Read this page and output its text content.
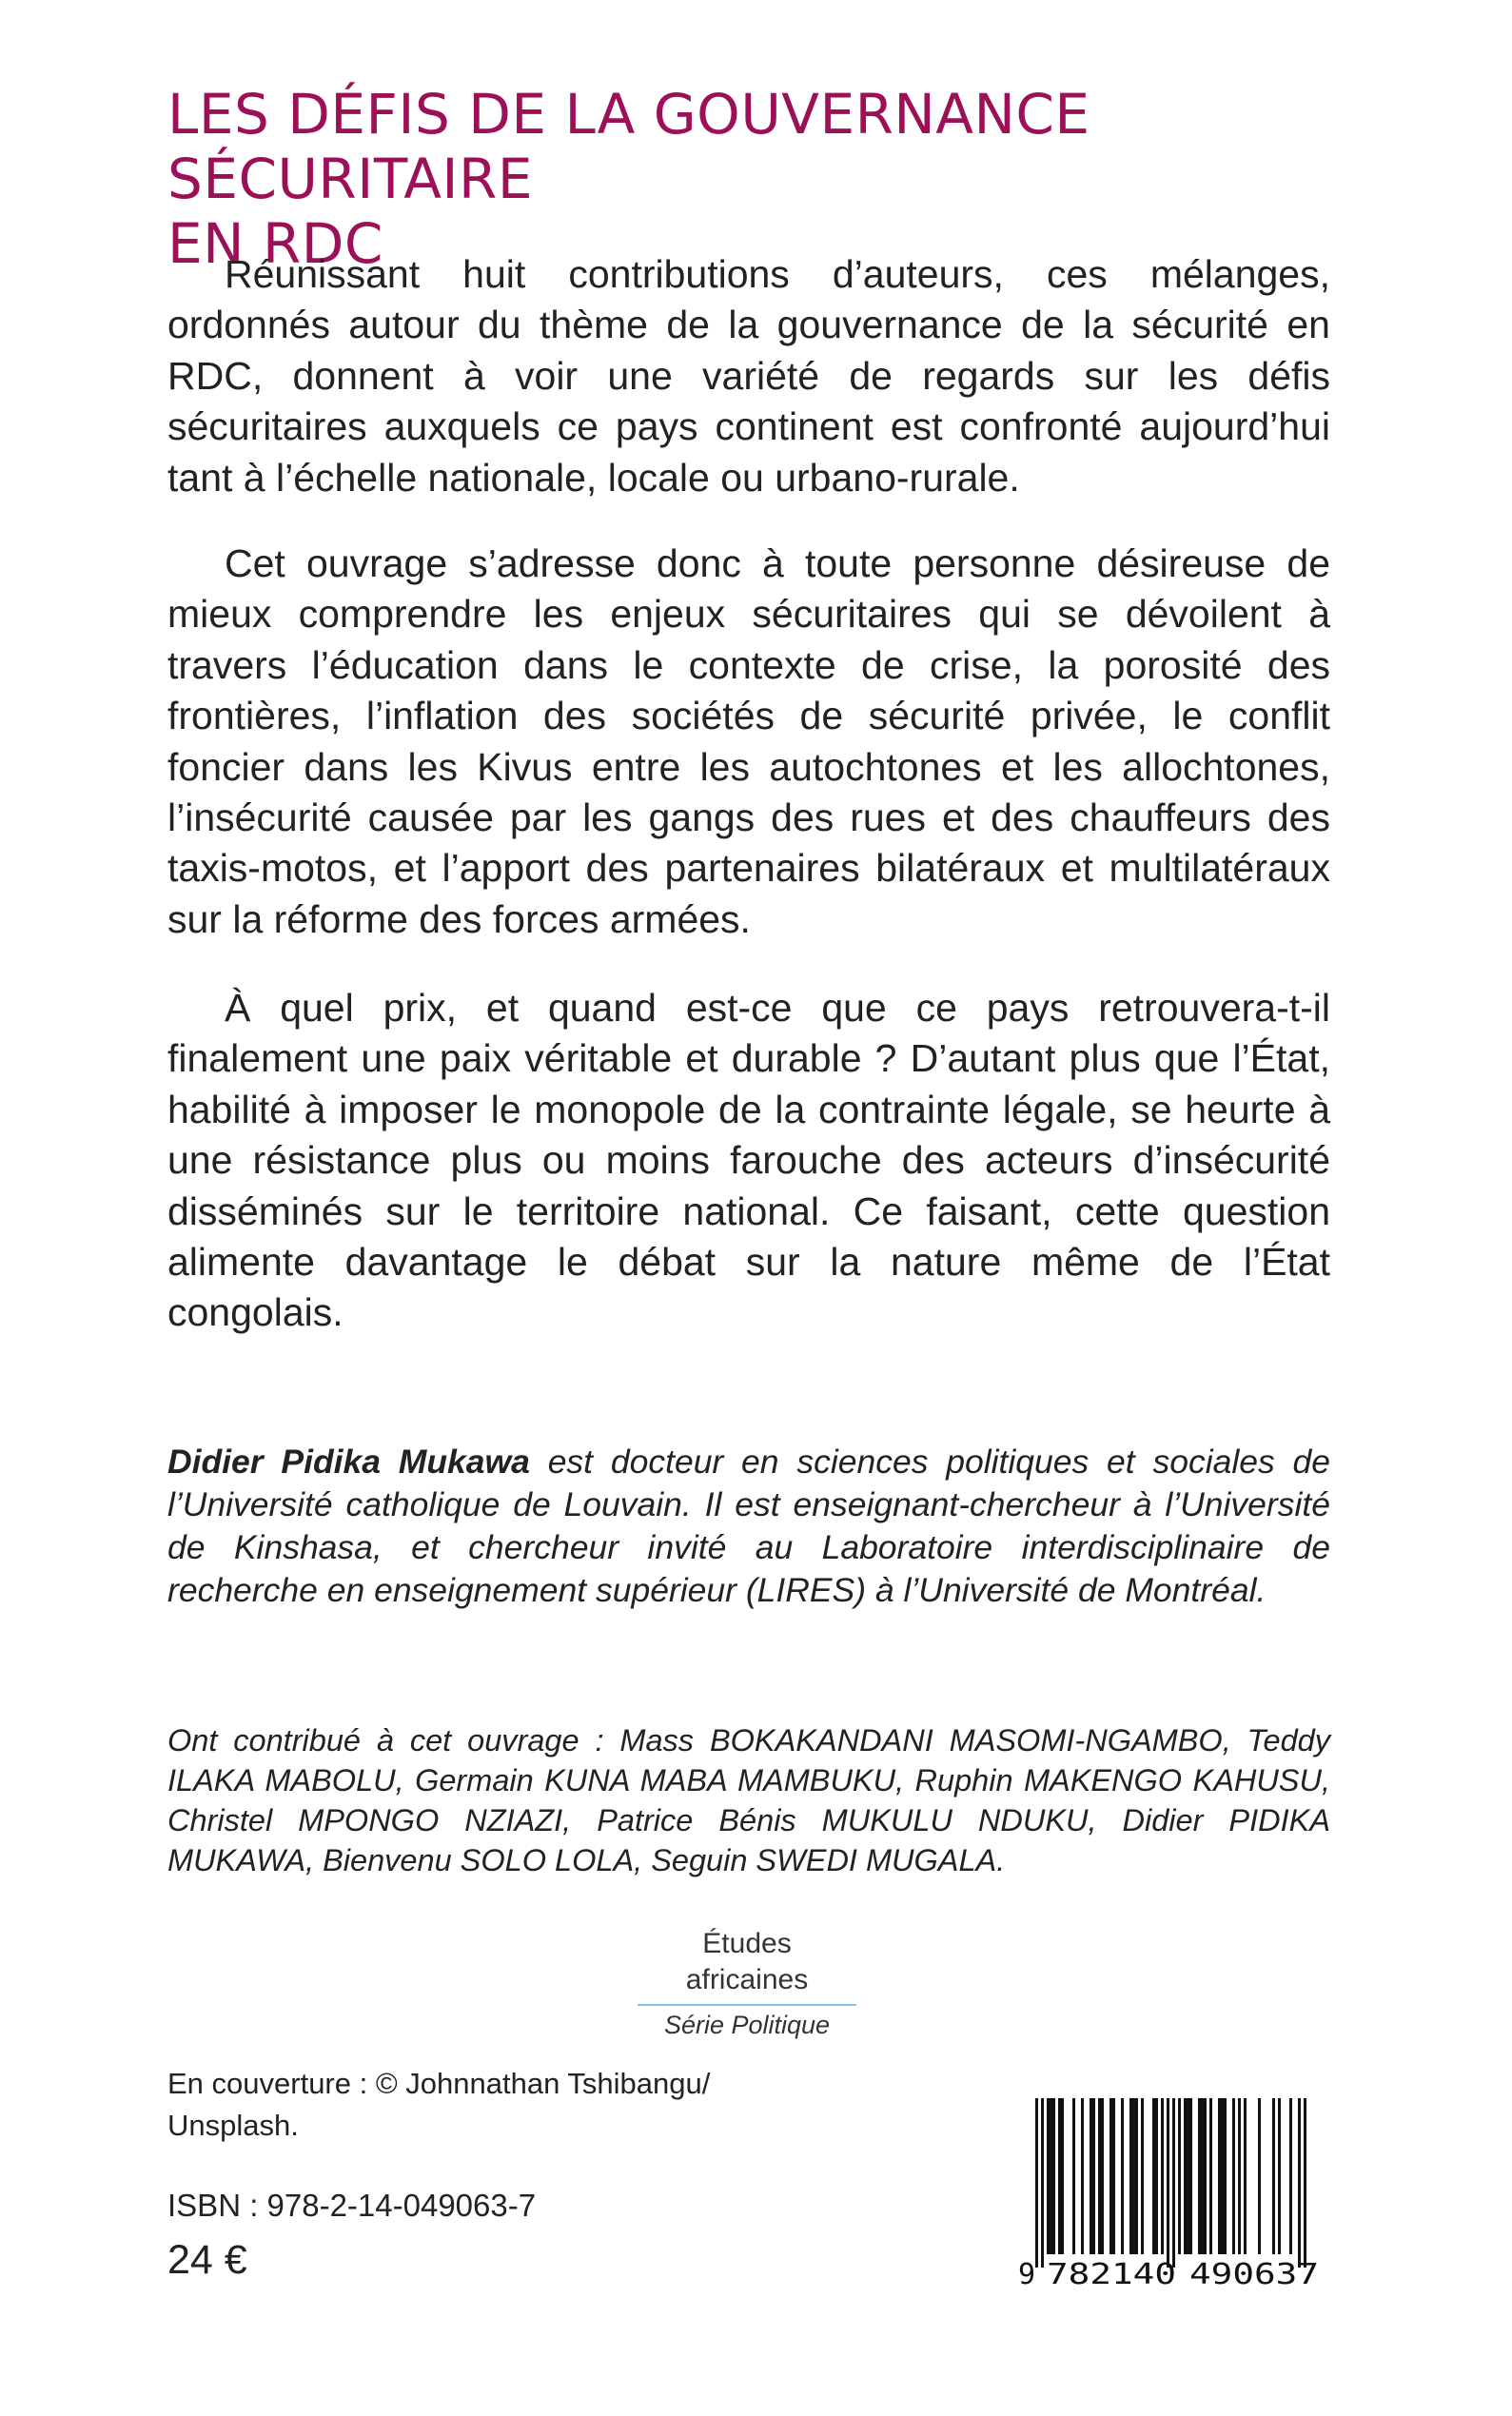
LES DÉFIS DE LA GOUVERNANCE SÉCURITAIRE
EN RDC

Réunissant huit contributions d’auteurs, ces mélanges, ordonnés autour du thème de la gouvernance de la sécurité en RDC, donnent à voir une variété de regards sur les défis sécuritaires auxquels ce pays continent est confronté aujourd’hui tant à l’échelle nationale, locale ou urbano-rurale.

Cet ouvrage s’adresse donc à toute personne désireuse de mieux comprendre les enjeux sécuritaires qui se dévoilent à travers l’éducation dans le contexte de crise, la porosité des frontières, l’inflation des sociétés de sécurité privée, le conflit foncier dans les Kivus entre les autochtones et les allochtones, l’insécurité causée par les gangs des rues et des chauffeurs des taxis-motos, et l’apport des partenaires bilatéraux et multilatéraux sur la réforme des forces armées.

À quel prix, et quand est-ce que ce pays retrouvera-t-il finalement une paix véritable et durable ? D’autant plus que l’État, habilité à imposer le monopole de la contrainte légale, se heurte à une résistance plus ou moins farouche des acteurs d’insécurité disséminés sur le territoire national. Ce faisant, cette question alimente davantage le débat sur la nature même de l’État congolais.

Didier Pidika Mukawa est docteur en sciences politiques et sociales de l’Université catholique de Louvain. Il est enseignant-chercheur à l’Université de Kinshasa, et chercheur invité au Laboratoire interdisciplinaire de recherche en enseignement supérieur (LIRES) à l’Université de Montréal.

Ont contribué à cet ouvrage : Mass BOKAKANDANI MASOMI-NGAMBO, Teddy ILAKA MABOLU, Germain KUNA MABA MAMBUKU, Ruphin MAKENGO KAHUSU, Christel MPONGO NZIAZI, Patrice Bénis MUKULU NDUKU, Didier PIDIKA MUKAWA, Bienvenu SOLO LOLA, Seguin SWEDI MUGALA.

Études africaines
Série Politique

En couverture : © Johnnathan Tshibangu/
Unsplash.

ISBN : 978-2-14-049063-7

24 €	9 782140 490637
